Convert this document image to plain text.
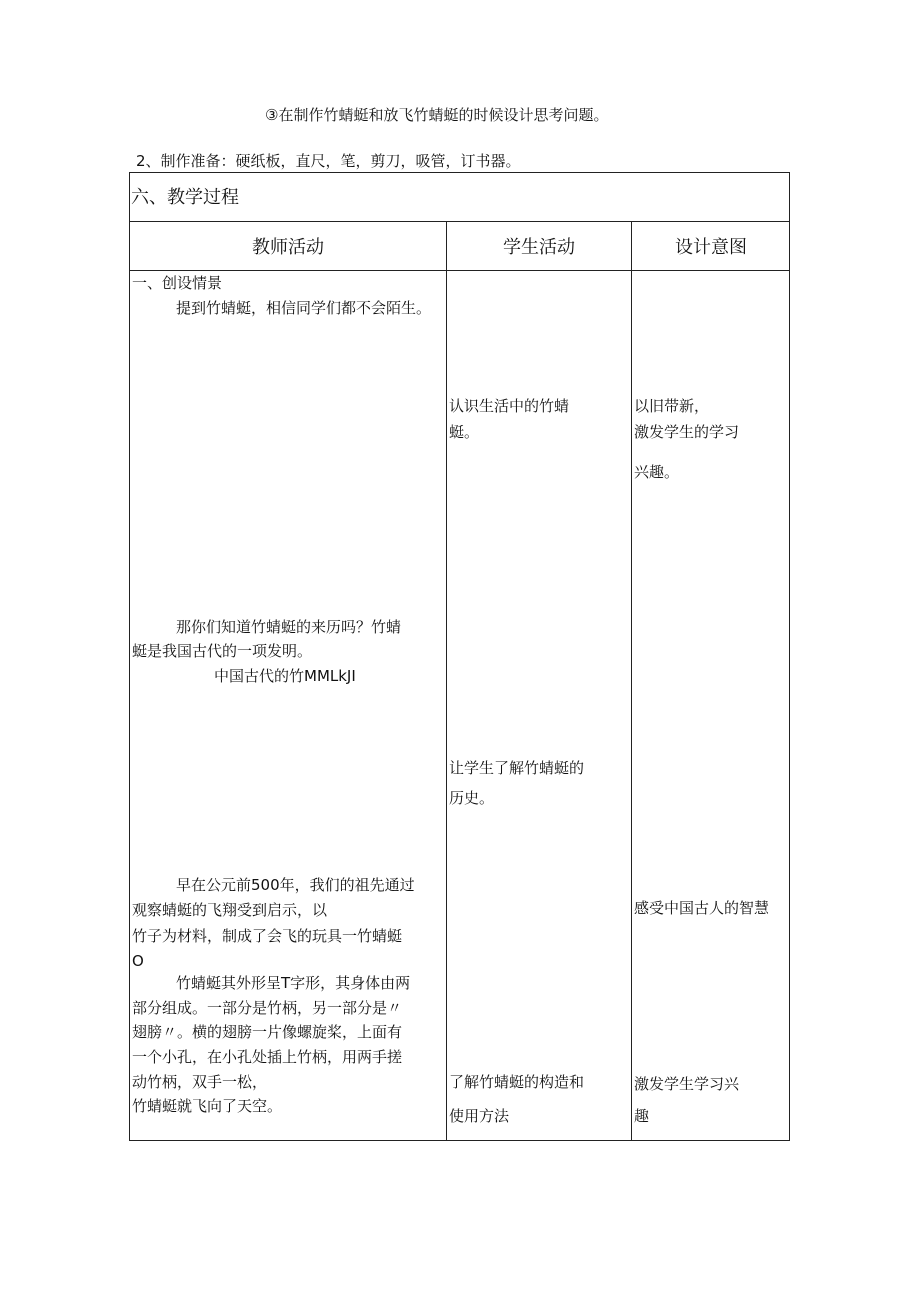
③在制作竹蜻蜓和放飞竹蜻蜓的时候设计思考问题。
2、制作准备：硬纸板，直尺，笔，剪刀，吸管，订书器。
六、教学过程
教师活动	学生活动	设计意图
一、创设情景
提到竹蜻蜓，相信同学们都不会陌生。
那你们知道竹蜻蜓的来历吗？竹蜻
蜓是我国古代的一项发明。
中国古代的竹MMLkJI
早在公元前500年，我们的祖先通过
观察蜻蜓的飞翔受到启示，以
竹子为材料，制成了会飞的玩具一竹蜻蜓
O
竹蜻蜓其外形呈T字形，其身体由两
部分组成。一部分是竹柄，另一部分是〃
翅膀〃。横的翅膀一片像螺旋桨，上面有
一个小孔，在小孔处插上竹柄，用两手搓
动竹柄，双手一松，
竹蜻蜓就飞向了天空。
认识生活中的竹蜻
蜓。
让学生了解竹蜻蜓的
历史。
了解竹蜻蜓的构造和
使用方法
以旧带新，
激发学生的学习
兴趣。
感受中国古人的智慧
激发学生学习兴
趣
